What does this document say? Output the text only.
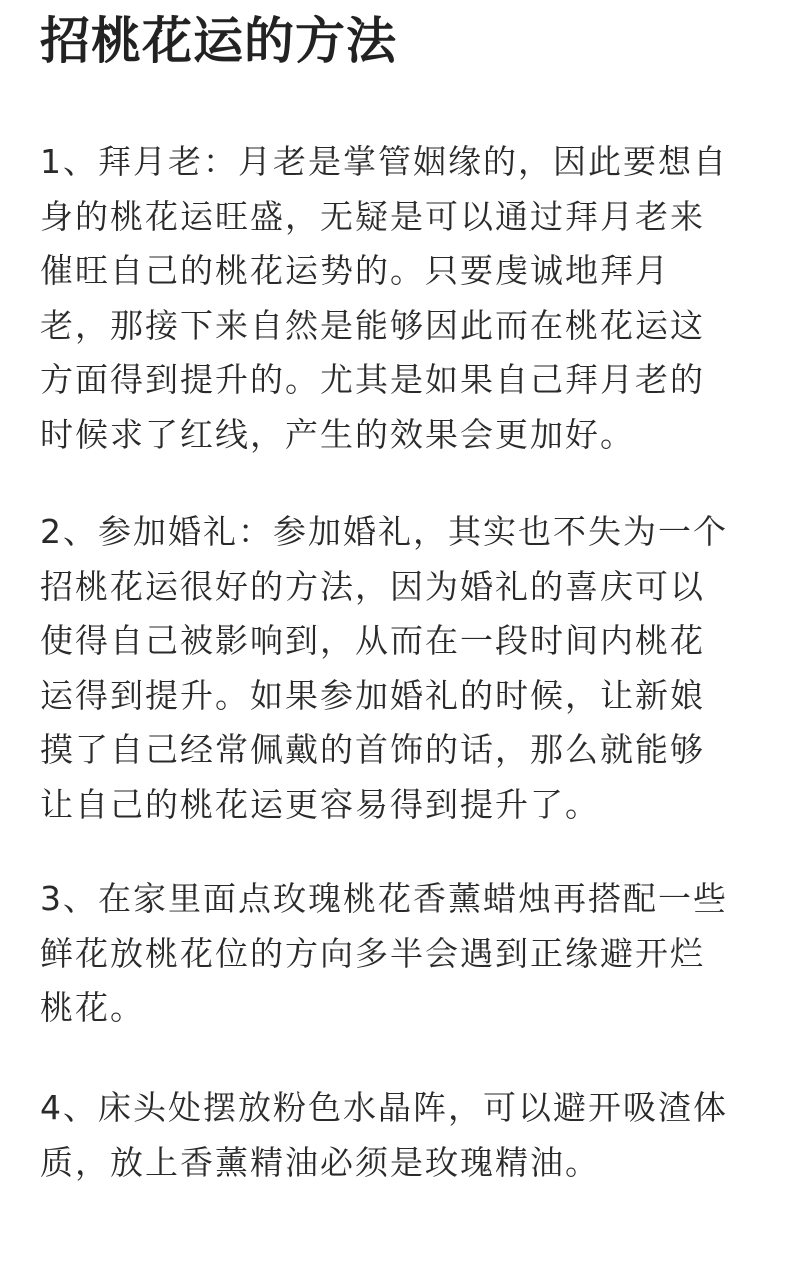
招桃花运的方法
1、拜月老：月老是掌管姻缘的，因此要想自
身的桃花运旺盛，无疑是可以通过拜月老来
催旺自己的桃花运势的。只要虔诚地拜月
老，那接下来自然是能够因此而在桃花运这
方面得到提升的。尤其是如果自己拜月老的
时候求了红线，产生的效果会更加好。
2、参加婚礼：参加婚礼，其实也不失为一个
招桃花运很好的方法，因为婚礼的喜庆可以
使得自己被影响到，从而在一段时间内桃花
运得到提升。如果参加婚礼的时候，让新娘
摸了自己经常佩戴的首饰的话，那么就能够
让自己的桃花运更容易得到提升了。
3、在家里面点玫瑰桃花香薰蜡烛再搭配一些
鲜花放桃花位的方向多半会遇到正缘避开烂
桃花。
4、床头处摆放粉色水晶阵，可以避开吸渣体
质，放上香薰精油必须是玫瑰精油。
